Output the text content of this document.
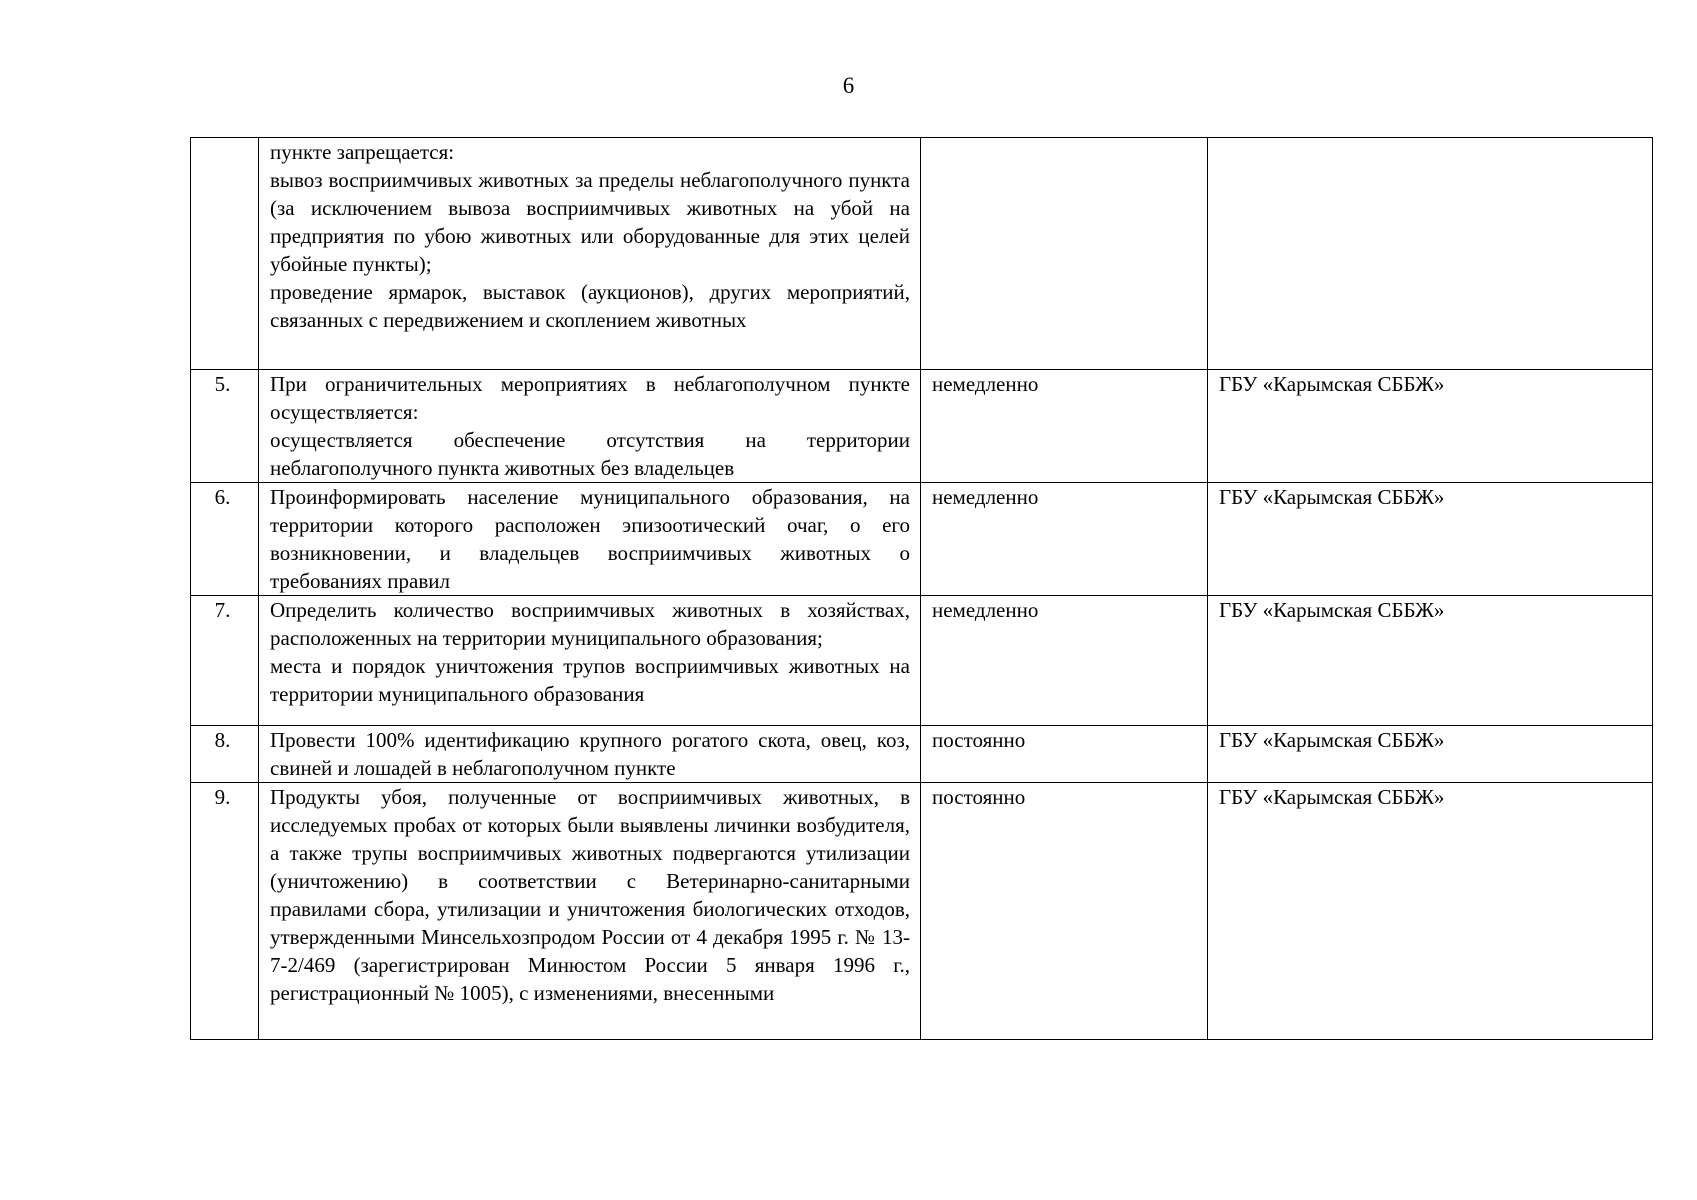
6

	пункте запрещается:

вывоз восприимчивых животных за пределы неблагополучного пункта (за исключением вывоза восприимчивых животных на убой на предприятия по убою животных или оборудованные для этих целей убойные пункты);

проведение ярмарок, выставок (аукционов), других мероприятий, связанных с передвижением и скоплением животных		

5.	При ограничительных мероприятиях в неблагополучном пункте осуществляется:

осуществляется обеспечение отсутствия на территории неблагополучного пункта животных без владельцев	немедленно	ГБУ «Карымская СББЖ»
6.	Проинформировать население муниципального образования, на территории которого расположен эпизоотический очаг, о его возникновении, и владельцев восприимчивых животных о требованиях правил	немедленно	ГБУ «Карымская СББЖ»
7.	Определить количество восприимчивых животных в хозяйствах, расположенных на территории муниципального образования;

места и порядок уничтожения трупов восприимчивых животных на территории муниципального образования	немедленно	ГБУ «Карымская СББЖ»
8.	Провести 100% идентификацию крупного рогатого скота, овец, коз, свиней и лошадей в неблагополучном пункте	постоянно	ГБУ «Карымская СББЖ»
9.	Продукты убоя, полученные от восприимчивых животных, в исследуемых пробах от которых были выявлены личинки возбудителя, а также трупы восприимчивых животных подвергаются утилизации (уничтожению) в соответствии с Ветеринарно-санитарными правилами сбора, утилизации и уничтожения биологических отходов, утвержденными Минсельхозпродом России от 4 декабря 1995 г. № 13-7-2/469 (зарегистрирован Минюстом России 5 января 1996 г., регистрационный № 1005), с изменениями, внесенными	постоянно	ГБУ «Карымская СББЖ»
